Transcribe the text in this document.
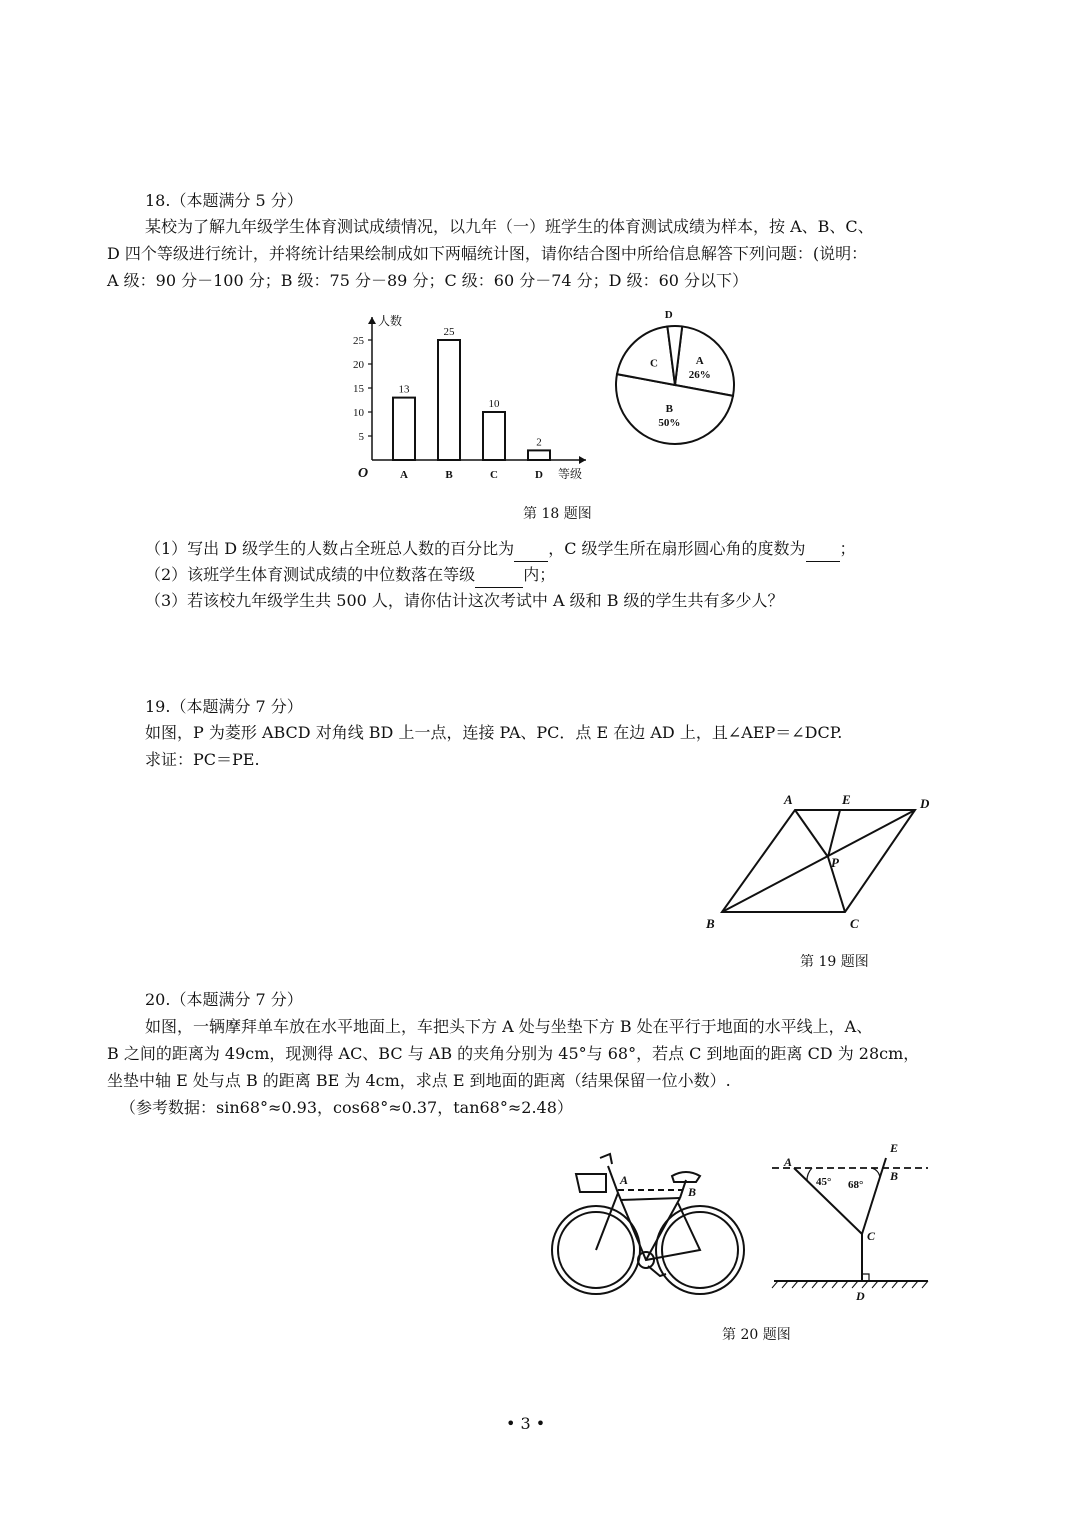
18.（本题满分 5 分）
某校为了解九年级学生体育测试成绩情况，以九年（一）班学生的体育测试成绩为样本，按 A、B、C、
D 四个等级进行统计，并将统计结果绘制成如下两幅统计图，请你结合图中所给信息解答下列问题：(说明：
A 级：90 分－100 分；B 级：75 分－89 分；C 级：60 分－74 分；D 级：60 分以下）
人数
等级
O
5
10
15
20
25
13
A
25
B
10
C
2
D
A
26%
B
50%
C
D
第 18 题图
（1）写出 D 级学生的人数占全班总人数的百分比为 ，C 级学生所在扇形圆心角的度数为 ；
（2）该班学生体育测试成绩的中位数落在等级	内；
（3）若该校九年级学生共 500 人，请你估计这次考试中 A 级和 B 级的学生共有多少人？
19.（本题满分 7 分）
如图，P 为菱形 ABCD 对角线 BD 上一点，连接 PA、PC．点 E 在边 AD 上，且∠AEP＝∠DCP.
求证：PC＝PE.
A	E	D
P
B	C
第 19 题图
20.（本题满分 7 分）
如图，一辆摩拜单车放在水平地面上，车把头下方 A 处与坐垫下方 B 处在平行于地面的水平线上，A、
B 之间的距离为 49cm，现测得 AC、BC 与 AB 的夹角分别为 45°与 68°，若点 C 到地面的距离 CD 为 28cm，
坐垫中轴 E 处与点 B 的距离 BE 为 4cm，求点 E 到地面的距离（结果保留一位小数）.
（参考数据：sin68°≈0.93，cos68°≈0.37，tan68°≈2.48）
A
B
A
B
E
C
D
45° 68°
第 20 题图
• 3 •
